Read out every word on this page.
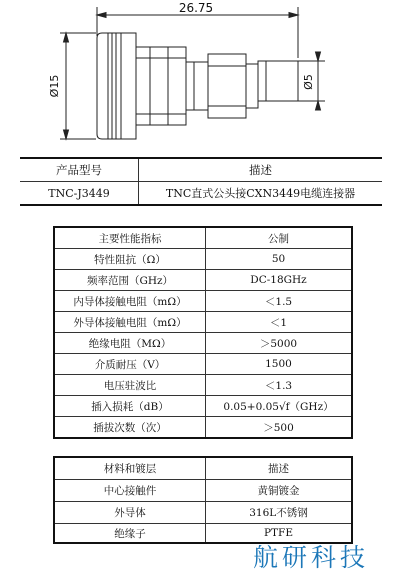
26.75
Ø15	Ø5
产品型号	描述
TNC-J3449	TNC直式公头接CXN3449电缆连接器
主要性能指标	公制
特性阻抗（Ω）	50
频率范围（GHz）	DC-18GHz
内导体接触电阻（mΩ）	＜1.5
外导体接触电阻（mΩ）	＜1
绝缘电阻（MΩ）	＞5000
介质耐压（V）	1500
电压驻波比	＜1.3
插入损耗（dB）	0.05+0.05√f（GHz）
插拔次数（次）	＞500
材料和镀层	描述
中心接触件	黄铜镀金
外导体	316L不锈钢
绝缘子	PTFE
航研科技
